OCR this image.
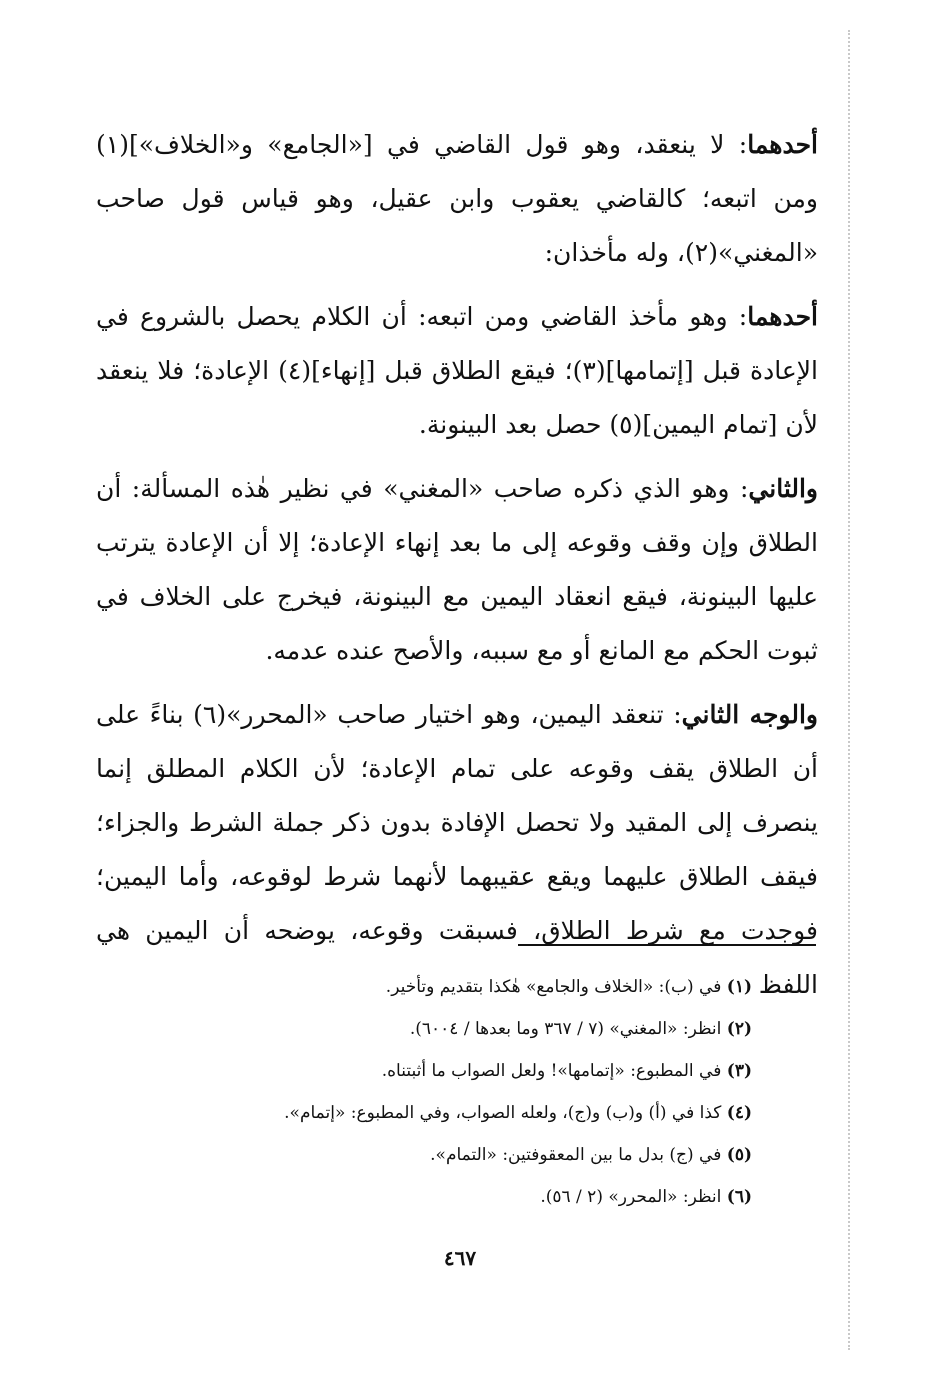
أحدهما: لا ينعقد، وهو قول القاضي في [«الجامع» و«الخلاف»](١) ومن اتبعه؛ كالقاضي يعقوب وابن عقيل، وهو قياس قول صاحب «المغني»(٢)، وله مأخذان:

أحدهما: وهو مأخذ القاضي ومن اتبعه: أن الكلام يحصل بالشروع في الإعادة قبل [إتمامها](٣)؛ فيقع الطلاق قبل [إنهاء](٤) الإعادة؛ فلا ينعقد لأن [تمام اليمين](٥) حصل بعد البينونة.

والثاني: وهو الذي ذكره صاحب «المغني» في نظير هٰذه المسألة: أن الطلاق وإن وقف وقوعه إلى ما بعد إنهاء الإعادة؛ إلا أن الإعادة يترتب عليها البينونة، فيقع انعقاد اليمين مع البينونة، فيخرج على الخلاف في ثبوت الحكم مع المانع أو مع سببه، والأصح عنده عدمه.

والوجه الثاني: تنعقد اليمين، وهو اختيار صاحب «المحرر»(٦) بناءً على أن الطلاق يقف وقوعه على تمام الإعادة؛ لأن الكلام المطلق إنما ينصرف إلى المقيد ولا تحصل الإفادة بدون ذكر جملة الشرط والجزاء؛ فيقف الطلاق عليهما ويقع عقيبهما لأنهما شرط لوقوعه، وأما اليمين؛ فوجدت مع شرط الطلاق، فسبقت وقوعه، يوضحه أن اليمين هي اللفظ

(١) في (ب): «الخلاف والجامع» هٰكذا بتقديم وتأخير.

(٢) انظر: «المغني» (٧ / ٣٦٧ وما بعدها / ٦٠٠٤).

(٣) في المطبوع: «إتمامها»! ولعل الصواب ما أثبتناه.

(٤) كذا في (أ) و(ب) و(ج)، ولعله الصواب، وفي المطبوع: «إتمام».

(٥) في (ج) بدل ما بين المعقوفتين: «التمام».

(٦) انظر: «المحرر» (٢ / ٥٦).

٤٦٧
